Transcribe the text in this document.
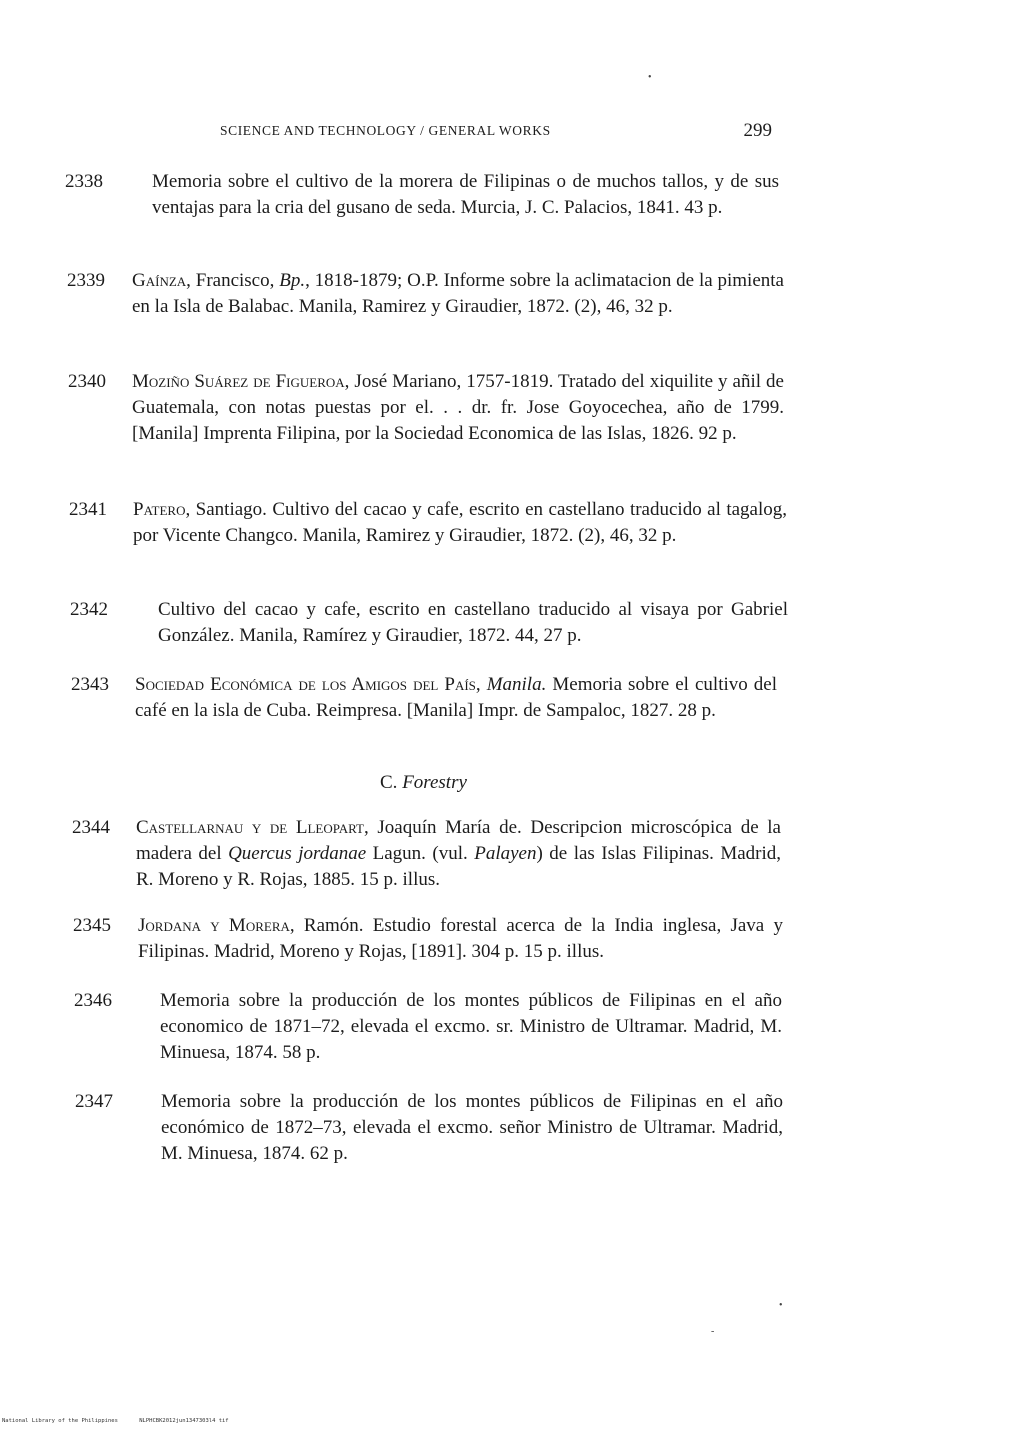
SCIENCE AND TECHNOLOGY / GENERAL WORKS	299
•
•
-
2338	Memoria sobre el cultivo de la morera de Filipinas o de muchos tallos, y de sus ventajas para la cria del gusano de seda. Murcia, J. C. Palacios, 1841. 43 p.
2339 Gaínza, Francisco, Bp., 1818-1879; O.P. Informe sobre la aclimatacion de la pimienta en la Isla de Balabac. Manila, Ramirez y Giraudier, 1872. (2), 46, 32 p.
2340 Moziño Suárez de Figueroa, José Mariano, 1757-1819. Tratado del xiquilite y añil de Guatemala, con notas puestas por el. . . dr. fr. Jose Goyocechea, año de 1799. [Manila] Imprenta Filipina, por la Sociedad Economica de las Islas, 1826. 92 p.
2341 Patero, Santiago. Cultivo del cacao y cafe, escrito en castellano traducido al tagalog, por Vicente Changco. Manila, Ramirez y Giraudier, 1872. (2), 46, 32 p.
2342	Cultivo del cacao y cafe, escrito en castellano traducido al visaya por Gabriel González. Manila, Ramírez y Giraudier, 1872. 44, 27 p.
2343 Sociedad Económica de los Amigos del País, Manila. Memoria sobre el cultivo del café en la isla de Cuba. Reimpresa. [Manila] Impr. de Sampaloc, 1827. 28 p.
C. Forestry
2344 Castellarnau y de Lleopart, Joaquín María de. Descripcion microscópica de la madera del Quercus jordanae Lagun. (vul. Palayen) de las Islas Filipinas. Madrid, R. Moreno y R. Rojas, 1885. 15 p. illus.
2345 Jordana y Morera, Ramón. Estudio forestal acerca de la India inglesa, Java y Filipinas. Madrid, Moreno y Rojas, [1891]. 304 p. 15 p. illus.
2346	Memoria sobre la producción de los montes públicos de Filipinas en el año economico de 1871–72, elevada el excmo. sr. Ministro de Ultramar. Madrid, M. Minuesa, 1874. 58 p.
2347	Memoria sobre la producción de los montes públicos de Filipinas en el año económico de 1872–73, elevada el excmo. señor Ministro de Ultramar. Madrid, M. Minuesa, 1874. 62 p.
National Library of the Philippines	NLPHCBK2012jun1347303l4 tif
